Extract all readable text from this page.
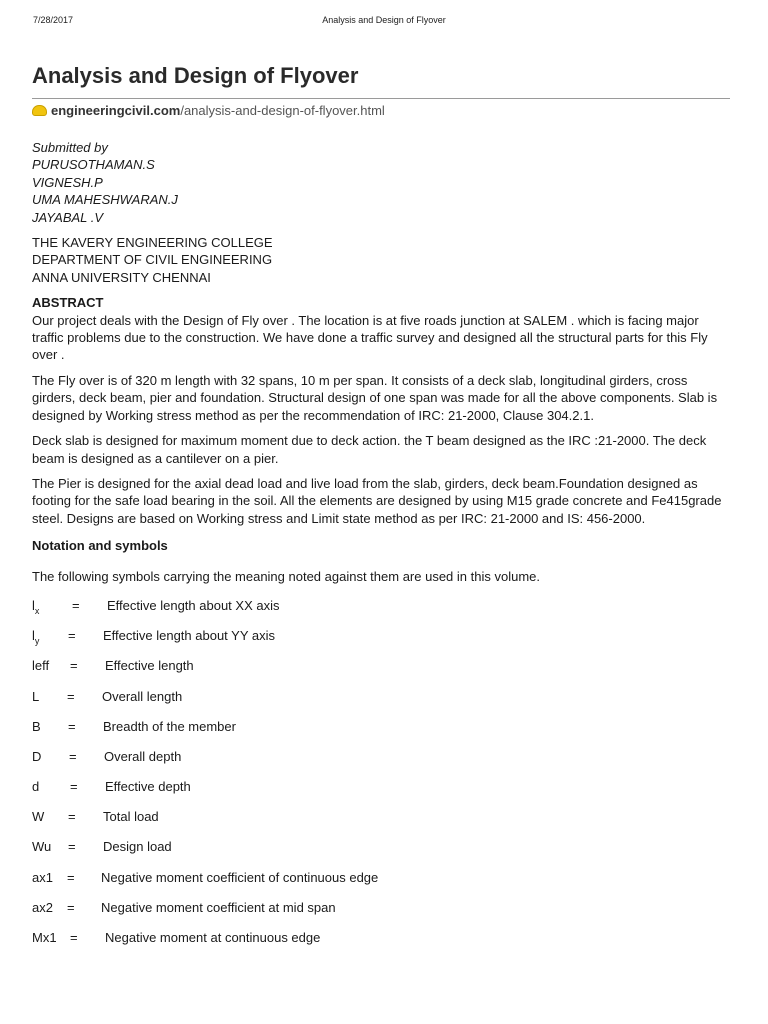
7/28/2017	Analysis and Design of Flyover
Analysis and Design of Flyover
engineeringcivil.com/analysis-and-design-of-flyover.html
Submitted by
PURUSOTHAMAN.S
VIGNESH.P
UMA MAHESHWARAN.J
JAYABAL .V
THE KAVERY ENGINEERING COLLEGE
DEPARTMENT OF CIVIL ENGINEERING
ANNA UNIVERSITY CHENNAI
ABSTRACT

Our project deals with the Design of Fly over . The location is at five roads junction at SALEM . which is facing major traffic problems due to the construction. We have done a traffic survey and designed all the structural parts for this Fly over .

The Fly over is of 320 m length with 32 spans, 10 m per span. It consists of a deck slab, longitudinal girders, cross girders, deck beam, pier and foundation. Structural design of one span was made for all the above components. Slab is designed by Working stress method as per the recommendation of IRC: 21-2000, Clause 304.2.1.

Deck slab is designed for maximum moment due to deck action. the T beam designed as the IRC :21-2000. The deck beam is designed as a cantilever on a pier.

The Pier is designed for the axial dead load and live load from the slab, girders, deck beam.Foundation designed as footing for the safe load bearing in the soil. All the elements are designed by using M15 grade concrete and Fe415grade steel. Designs are based on Working stress and Limit state method as per IRC: 21-2000 and IS: 456-2000.

Notation and symbols
The following symbols carrying the meaning noted against them are used in this volume.
$l_x$	= Effective length about XX axis
$l_y$ = Effective length about YY axis
leff = Effective length
L = Overall length
B = Breadth of the member
D = Overall depth
d = Effective depth
W = Total load
Wu = Design load
ax1 = Negative moment coefficient of continuous edge
ax2 = Negative moment coefficient at mid span
Mx1 = Negative moment at continuous edge
